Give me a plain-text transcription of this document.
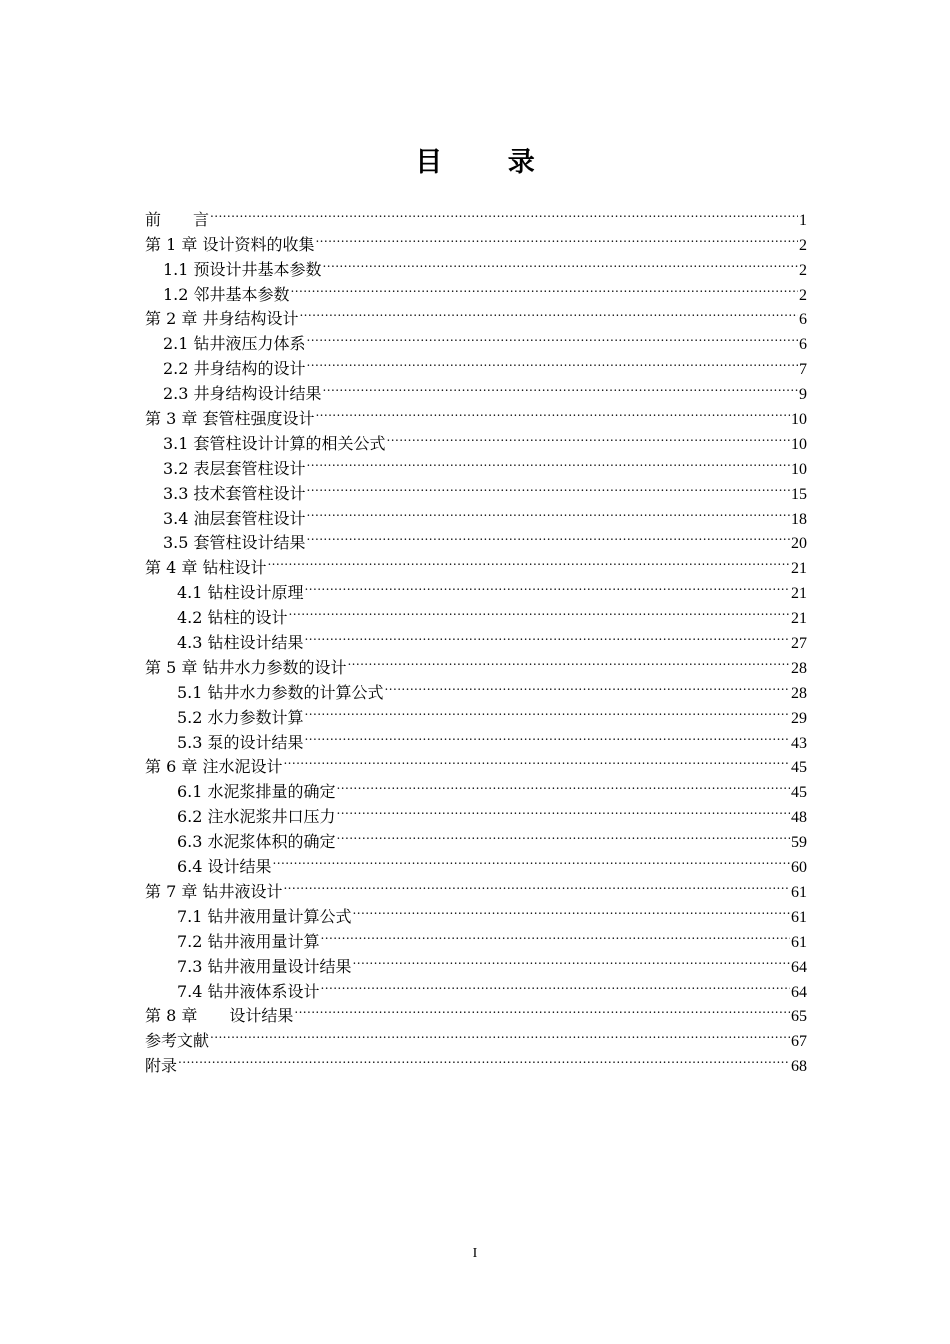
目 录
前　　言 .....	1
第 1 章 设计资料的收集 .....	2
1.1 预设计井基本参数 .....	2
1.2 邻井基本参数 .....	2
第 2 章 井身结构设计 .....	6
2.1 钻井液压力体系 .....	6
2.2 井身结构的设计 .....	7
2.3 井身结构设计结果 .....	9
第 3 章 套管柱强度设计 .....	10
3.1 套管柱设计计算的相关公式 .....	10
3.2 表层套管柱设计 .....	10
3.3 技术套管柱设计 .....	15
3.4 油层套管柱设计 .....	18
3.5 套管柱设计结果 .....	20
第 4 章 钻柱设计 .....	21
4.1 钻柱设计原理 .....	21
4.2 钻柱的设计 .....	21
4.3 钻柱设计结果 .....	27
第 5 章 钻井水力参数的设计 .....	28
5.1 钻井水力参数的计算公式 .....	28
5.2 水力参数计算 .....	29
5.3 泵的设计结果 .....	43
第 6 章 注水泥设计 .....	45
6.1 水泥浆排量的确定 .....	45
6.2 注水泥浆井口压力 .....	48
6.3 水泥浆体积的确定 .....	59
6.4 设计结果 .....	60
第 7 章 钻井液设计 .....	61
7.1 钻井液用量计算公式 .....	61
7.2 钻井液用量计算 .....	61
7.3 钻井液用量设计结果 .....	64
7.4 钻井液体系设计 .....	64
第 8 章　　设计结果 .....	65
参考文献 .....	67
附录 .....	68
I
